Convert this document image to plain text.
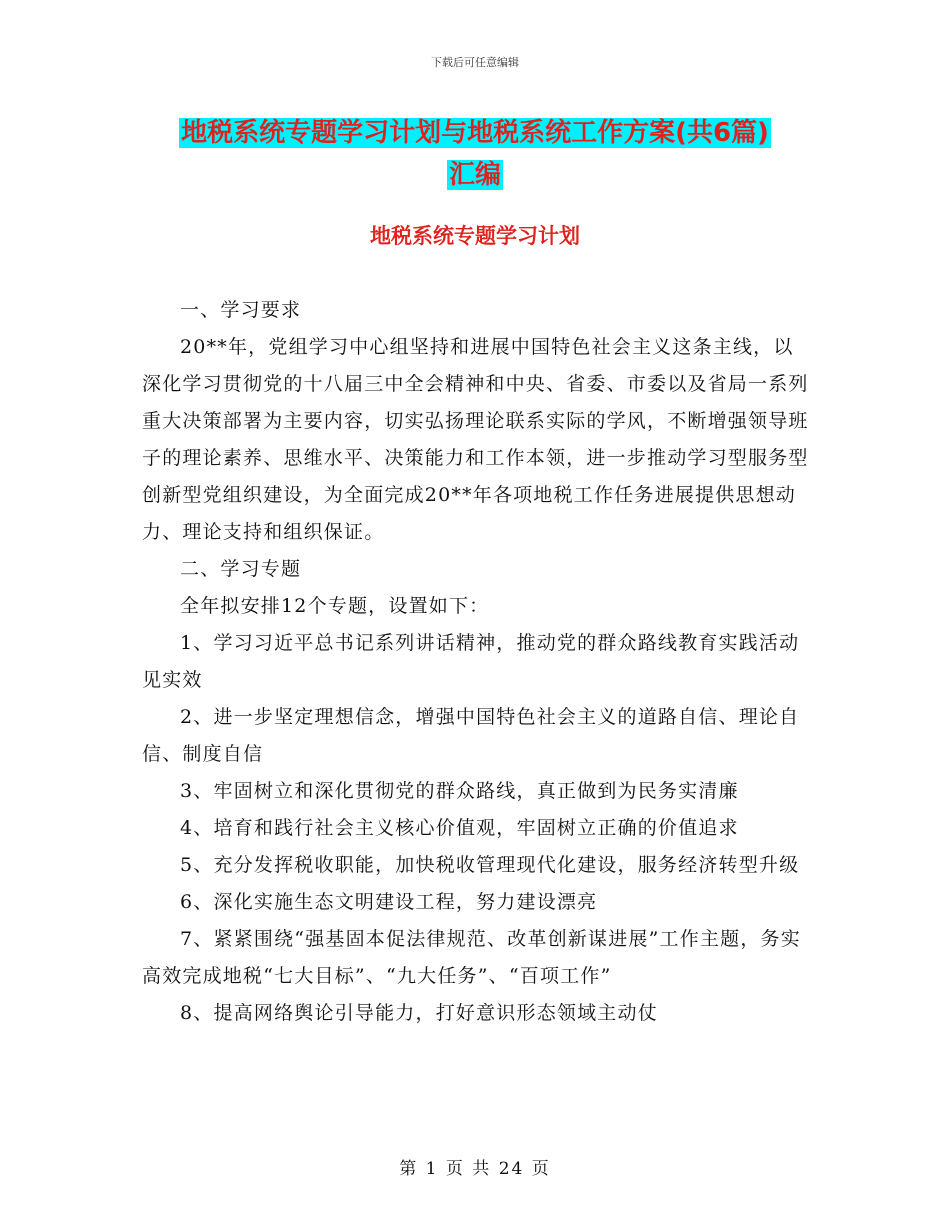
下载后可任意编辑
地税系统专题学习计划与地税系统工作方案(共6篇)
汇编
地税系统专题学习计划

一、学习要求

20**年，党组学习中心组坚持和进展中国特色社会主义这条主线，以深化学习贯彻党的十八届三中全会精神和中央、省委、市委以及省局一系列重大决策部署为主要内容，切实弘扬理论联系实际的学风，不断增强领导班子的理论素养、思维水平、决策能力和工作本领，进一步推动学习型服务型创新型党组织建设，为全面完成20**年各项地税工作任务进展提供思想动力、理论支持和组织保证。

二、学习专题

全年拟安排12个专题，设置如下：

1、学习习近平总书记系列讲话精神，推动党的群众路线教育实践活动见实效

2、进一步坚定理想信念，增强中国特色社会主义的道路自信、理论自信、制度自信

3、牢固树立和深化贯彻党的群众路线，真正做到为民务实清廉

4、培育和践行社会主义核心价值观，牢固树立正确的价值追求

5、充分发挥税收职能，加快税收管理现代化建设，服务经济转型升级

6、深化实施生态文明建设工程，努力建设漂亮

7、紧紧围绕“强基固本促法律规范、改革创新谋进展”工作主题，务实高效完成地税“七大目标”、“九大任务”、“百项工作”

8、提高网络舆论引导能力，打好意识形态领域主动仗

第 1 页 共 24 页
